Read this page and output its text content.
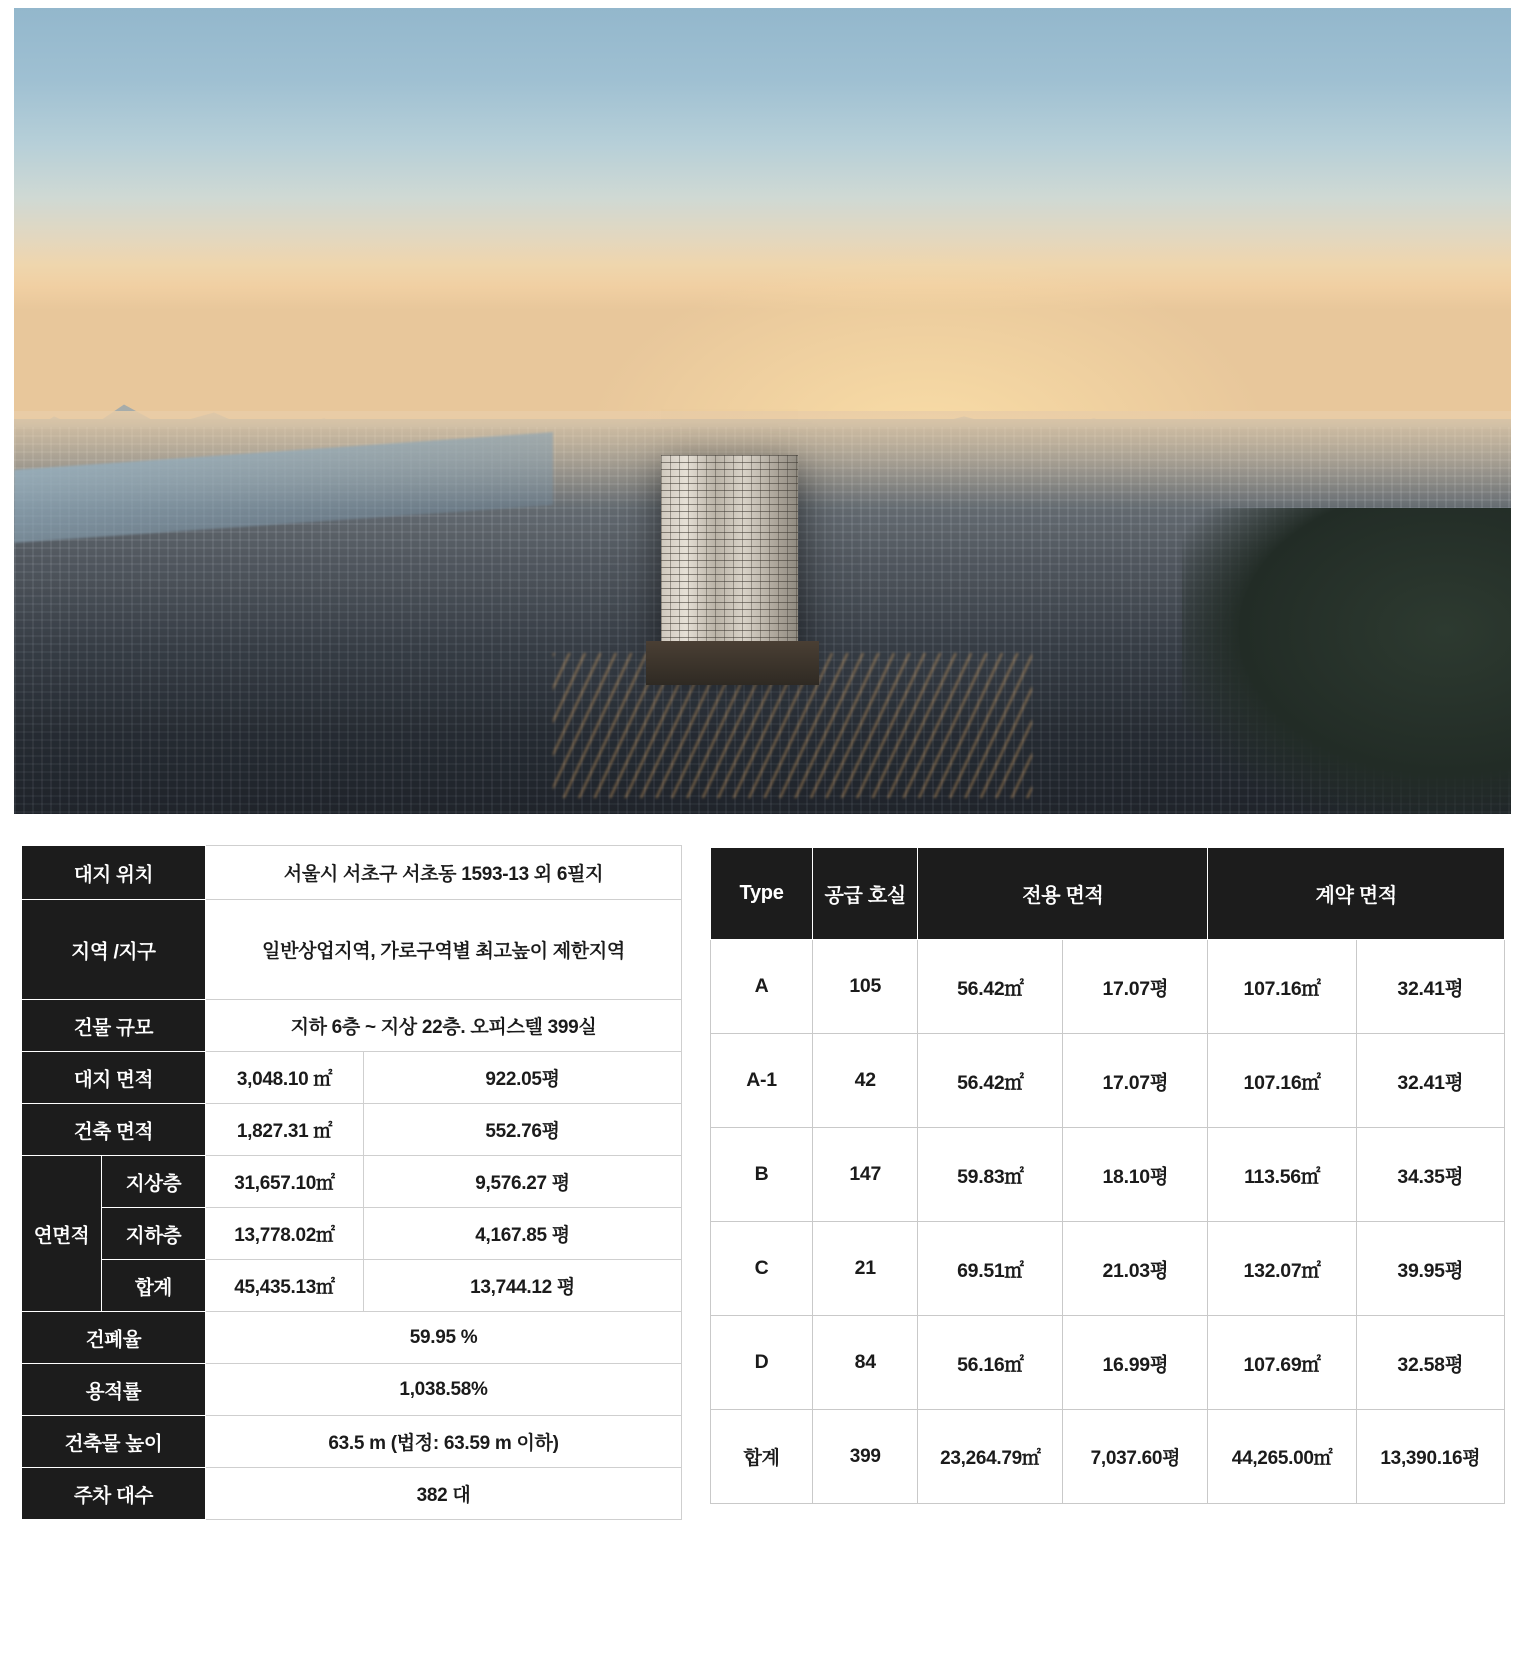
대지 위치		서울시 서초구 서초동 1593-13 외 6필지	
지역 /지구		일반상업지역, 가로구역별 최고높이 제한지역	
건물 규모		지하 6층 ~ 지상 22층. 오피스텔 399실	
대지 면적		3,048.10 ㎡	922.05평
건축 면적		1,827.31 ㎡	552.76평
연면적	지상층	31,657.10㎡	9,576.27 평
	지하층	13,778.02㎡	4,167.85 평
	합계	45,435.13㎡	13,744.12 평
건폐율		59.95 %	
용적률		1,038.58%	
건축물 높이		63.5 m (법정: 63.59 m 이하)	
주차 대수		382 대	
Type	공급 호실	전용 면적		계약 면적	
A	105	56.42㎡	17.07평	107.16㎡	32.41평
A-1	42	56.42㎡	17.07평	107.16㎡	32.41평
B	147	59.83㎡	18.10평	113.56㎡	34.35평
C	21	69.51㎡	21.03평	132.07㎡	39.95평
D	84	56.16㎡	16.99평	107.69㎡	32.58평
합계	399	23,264.79㎡	7,037.60평	44,265.00㎡	13,390.16평
